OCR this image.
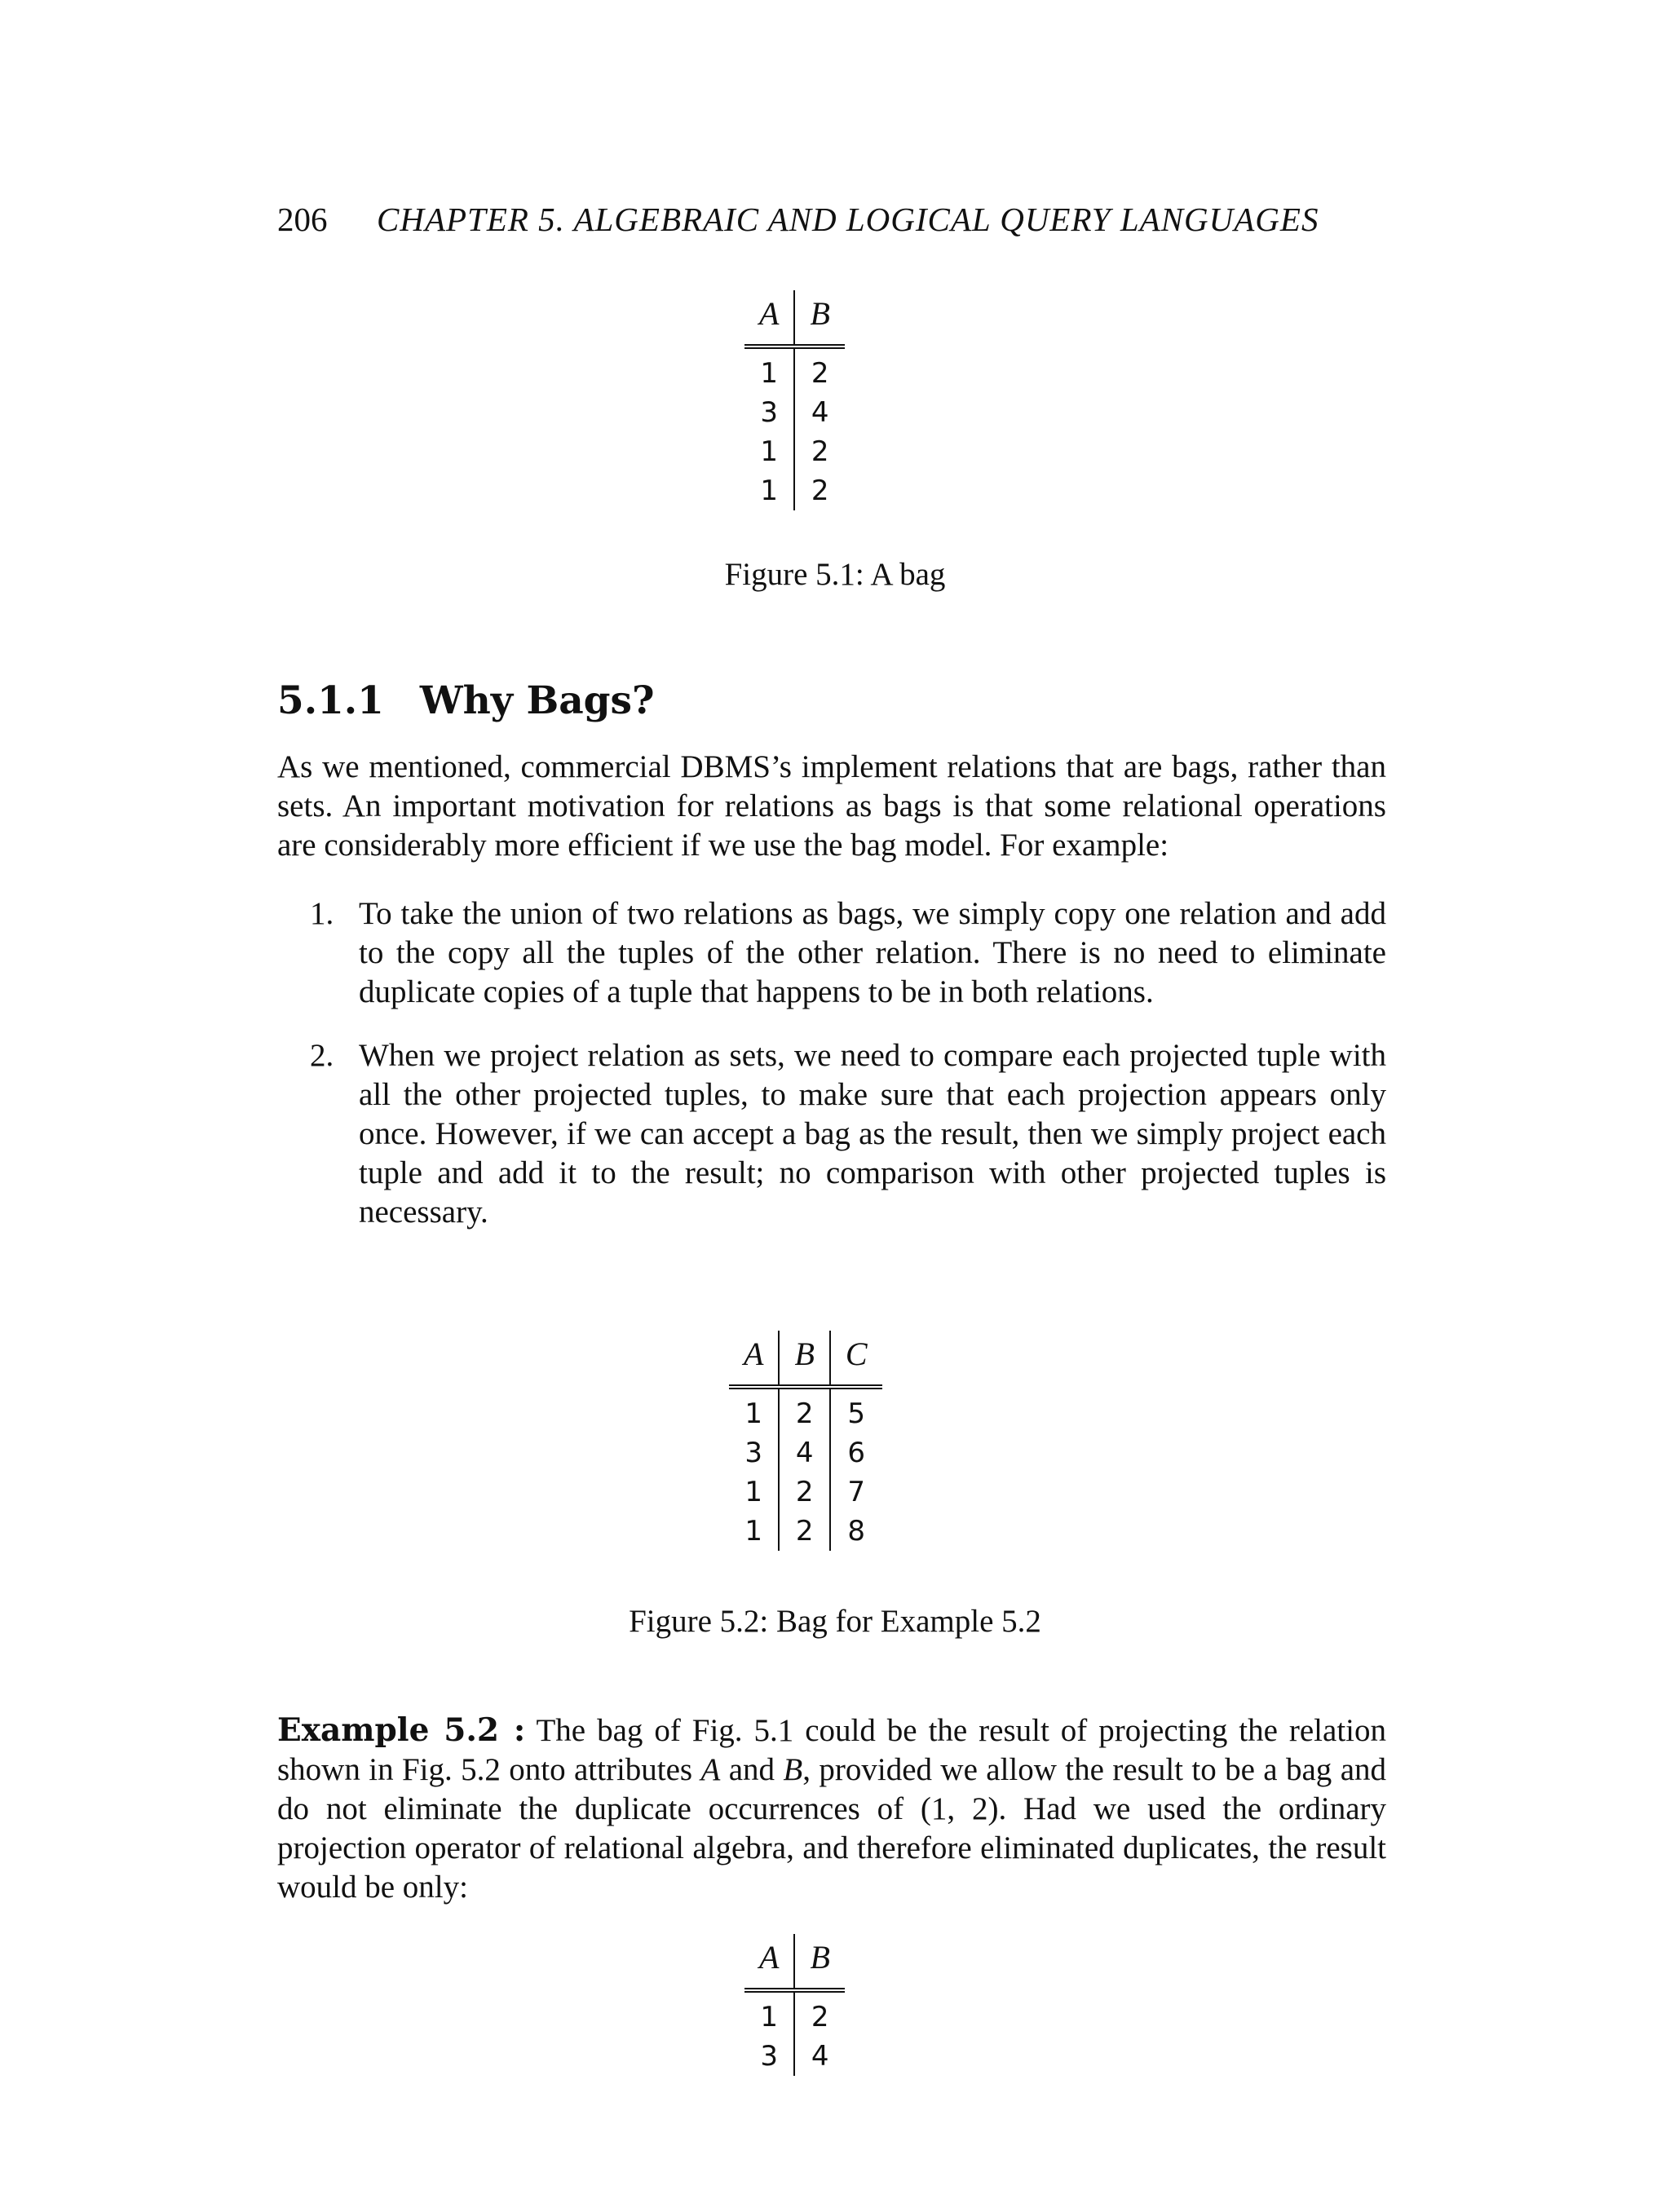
206 CHAPTER 5. ALGEBRAIC AND LOGICAL QUERY LANGUAGES
A	B
1	2
3	4
1	2
1	2
Figure 5.1: A bag
5.1.1 Why Bags?
As we mentioned, commercial DBMS’s implement relations that are bags, rather than sets. An important motivation for relations as bags is that some relational operations are considerably more efficient if we use the bag model. For example:
1. To take the union of two relations as bags, we simply copy one relation and add to the copy all the tuples of the other relation. There is no need to eliminate duplicate copies of a tuple that happens to be in both relations.
2. When we project relation as sets, we need to compare each projected tuple with all the other projected tuples, to make sure that each projection appears only once. However, if we can accept a bag as the result, then we simply project each tuple and add it to the result; no comparison with other projected tuples is necessary.
A	B	C
1	2	5
3	4	6
1	2	7
1	2	8
Figure 5.2: Bag for Example 5.2
Example 5.2 : The bag of Fig. 5.1 could be the result of projecting the relation shown in Fig. 5.2 onto attributes A and B, provided we allow the result to be a bag and do not eliminate the duplicate occurrences of (1, 2). Had we used the ordinary projection operator of relational algebra, and therefore eliminated duplicates, the result would be only:
A	B
1	2
3	4
